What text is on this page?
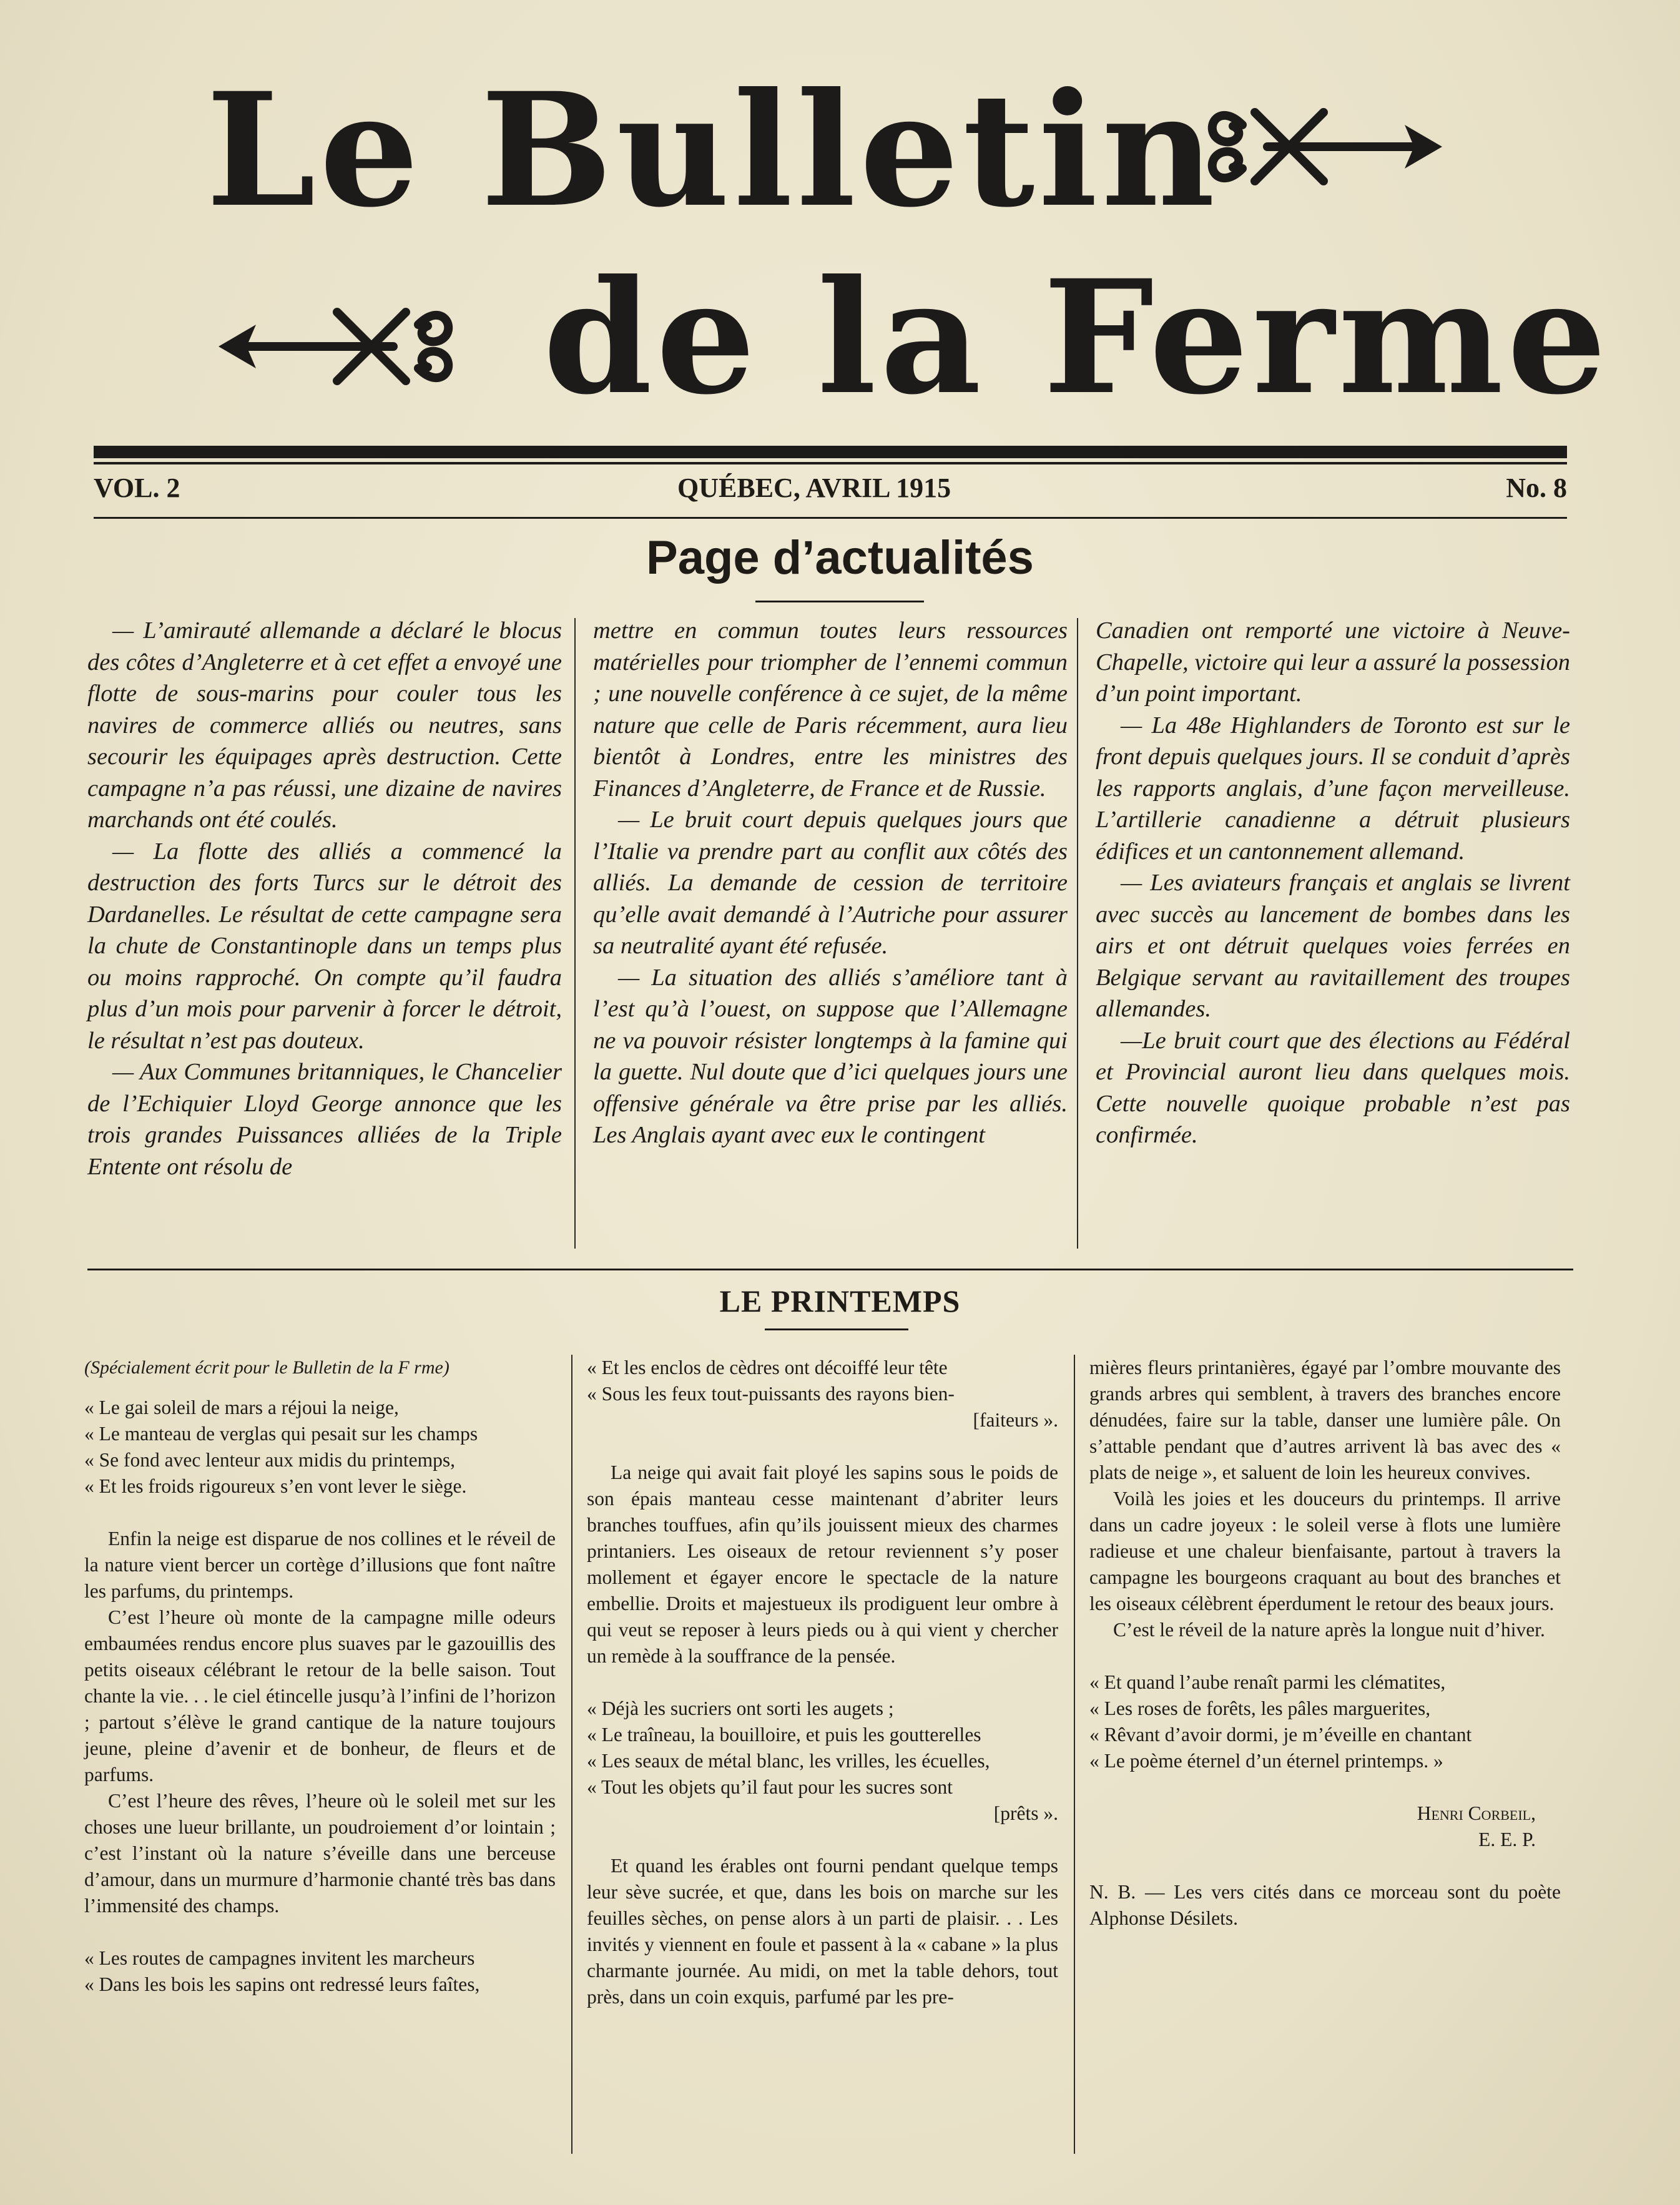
Le Bulletin
de la Ferme
VOL. 2	QUÉBEC, AVRIL 1915	No. 8
Page d’actualités

— L’amirauté allemande a déclaré le blocus des côtes d’Angleterre et à cet effet a envoyé une flotte de sous-marins pour couler tous les navires de commerce alliés ou neutres, sans secourir les équipages après destruction. Cette campagne n’a pas réussi, une dizaine de navires marchands ont été coulés.

— La flotte des alliés a commencé la destruction des forts Turcs sur le détroit des Dardanelles. Le résultat de cette campagne sera la chute de Constantinople dans un temps plus ou moins rapproché. On compte qu’il faudra plus d’un mois pour parvenir à forcer le détroit, le résultat n’est pas douteux.

— Aux Communes britanniques, le Chancelier de l’Echiquier Lloyd George annonce que les trois grandes Puissances alliées de la Triple Entente ont résolu de

mettre en commun toutes leurs ressources matérielles pour triompher de l’ennemi commun ; une nouvelle conférence à ce sujet, de la même nature que celle de Paris récemment, aura lieu bientôt à Londres, entre les ministres des Finances d’Angleterre, de France et de Russie.

— Le bruit court depuis quelques jours que l’Italie va prendre part au conflit aux côtés des alliés. La demande de cession de territoire qu’elle avait demandé à l’Autriche pour assurer sa neutralité ayant été refusée.

— La situation des alliés s’améliore tant à l’est qu’à l’ouest, on suppose que l’Allemagne ne va pouvoir résister longtemps à la famine qui la guette. Nul doute que d’ici quelques jours une offensive générale va être prise par les alliés. Les Anglais ayant avec eux le contingent

Canadien ont remporté une victoire à Neuve-Chapelle, victoire qui leur a assuré la possession d’un point important.

— La 48e Highlanders de Toronto est sur le front depuis quelques jours. Il se conduit d’après les rapports anglais, d’une façon merveilleuse. L’artillerie canadienne a détruit plusieurs édifices et un cantonnement allemand.

— Les aviateurs français et anglais se livrent avec succès au lancement de bombes dans les airs et ont détruit quelques voies ferrées en Belgique servant au ravitaillement des troupes allemandes.

—Le bruit court que des élections au Fédéral et Provincial auront lieu dans quelques mois. Cette nouvelle quoique probable n’est pas confirmée.

LE PRINTEMPS

(Spécialement écrit pour le Bulletin de la F rme)

« Le gai soleil de mars a réjoui la neige,

« Le manteau de verglas qui pesait sur les champs

« Se fond avec lenteur aux midis du printemps,

« Et les froids rigoureux s’en vont lever le siège.

Enfin la neige est disparue de nos collines et le réveil de la nature vient bercer un cortège d’illusions que font naître les parfums, du printemps.

C’est l’heure où monte de la campagne mille odeurs embaumées rendus encore plus suaves par le gazouillis des petits oiseaux célébrant le retour de la belle saison. Tout chante la vie. . . le ciel étincelle jusqu’à l’infini de l’horizon ; partout s’élève le grand cantique de la nature toujours jeune, pleine d’avenir et de bonheur, de fleurs et de parfums.

C’est l’heure des rêves, l’heure où le soleil met sur les choses une lueur brillante, un poudroiement d’or lointain ; c’est l’instant où la nature s’éveille dans une berceuse d’amour, dans un murmure d’harmonie chanté très bas dans l’immensité des champs.

« Les routes de campagnes invitent les marcheurs

« Dans les bois les sapins ont redressé leurs faîtes,

« Et les enclos de cèdres ont décoiffé leur tête

« Sous les feux tout-puissants des rayons bien-

[faiteurs ».

La neige qui avait fait ployé les sapins sous le poids de son épais manteau cesse maintenant d’abriter leurs branches touffues, afin qu’ils jouissent mieux des charmes printaniers. Les oiseaux de retour reviennent s’y poser mollement et égayer encore le spectacle de la nature embellie. Droits et majestueux ils prodiguent leur ombre à qui veut se reposer à leurs pieds ou à qui vient y chercher un remède à la souffrance de la pensée.

« Déjà les sucriers ont sorti les augets ;

« Le traîneau, la bouilloire, et puis les goutterelles

« Les seaux de métal blanc, les vrilles, les écuelles,

« Tout les objets qu’il faut pour les sucres sont

[prêts ».

Et quand les érables ont fourni pendant quelque temps leur sève sucrée, et que, dans les bois on marche sur les feuilles sèches, on pense alors à un parti de plaisir. . . Les invités y viennent en foule et passent à la « cabane » la plus charmante journée. Au midi, on met la table dehors, tout près, dans un coin exquis, parfumé par les pre-

mières fleurs printanières, égayé par l’ombre mouvante des grands arbres qui semblent, à travers des branches encore dénudées, faire sur la table, danser une lumière pâle. On s’attable pendant que d’autres arrivent là bas avec des « plats de neige », et saluent de loin les heureux convives.

Voilà les joies et les douceurs du printemps. Il arrive dans un cadre joyeux : le soleil verse à flots une lumière radieuse et une chaleur bienfaisante, partout à travers la campagne les bourgeons craquant au bout des branches et les oiseaux célèbrent éperdument le retour des beaux jours.

C’est le réveil de la nature après la longue nuit d’hiver.

« Et quand l’aube renaît parmi les clématites,

« Les roses de forêts, les pâles marguerites,

« Rêvant d’avoir dormi, je m’éveille en chantant

« Le poème éternel d’un éternel printemps. »

Henri Corbeil,

E. E. P.

N. B. — Les vers cités dans ce morceau sont du poète Alphonse Désilets.
